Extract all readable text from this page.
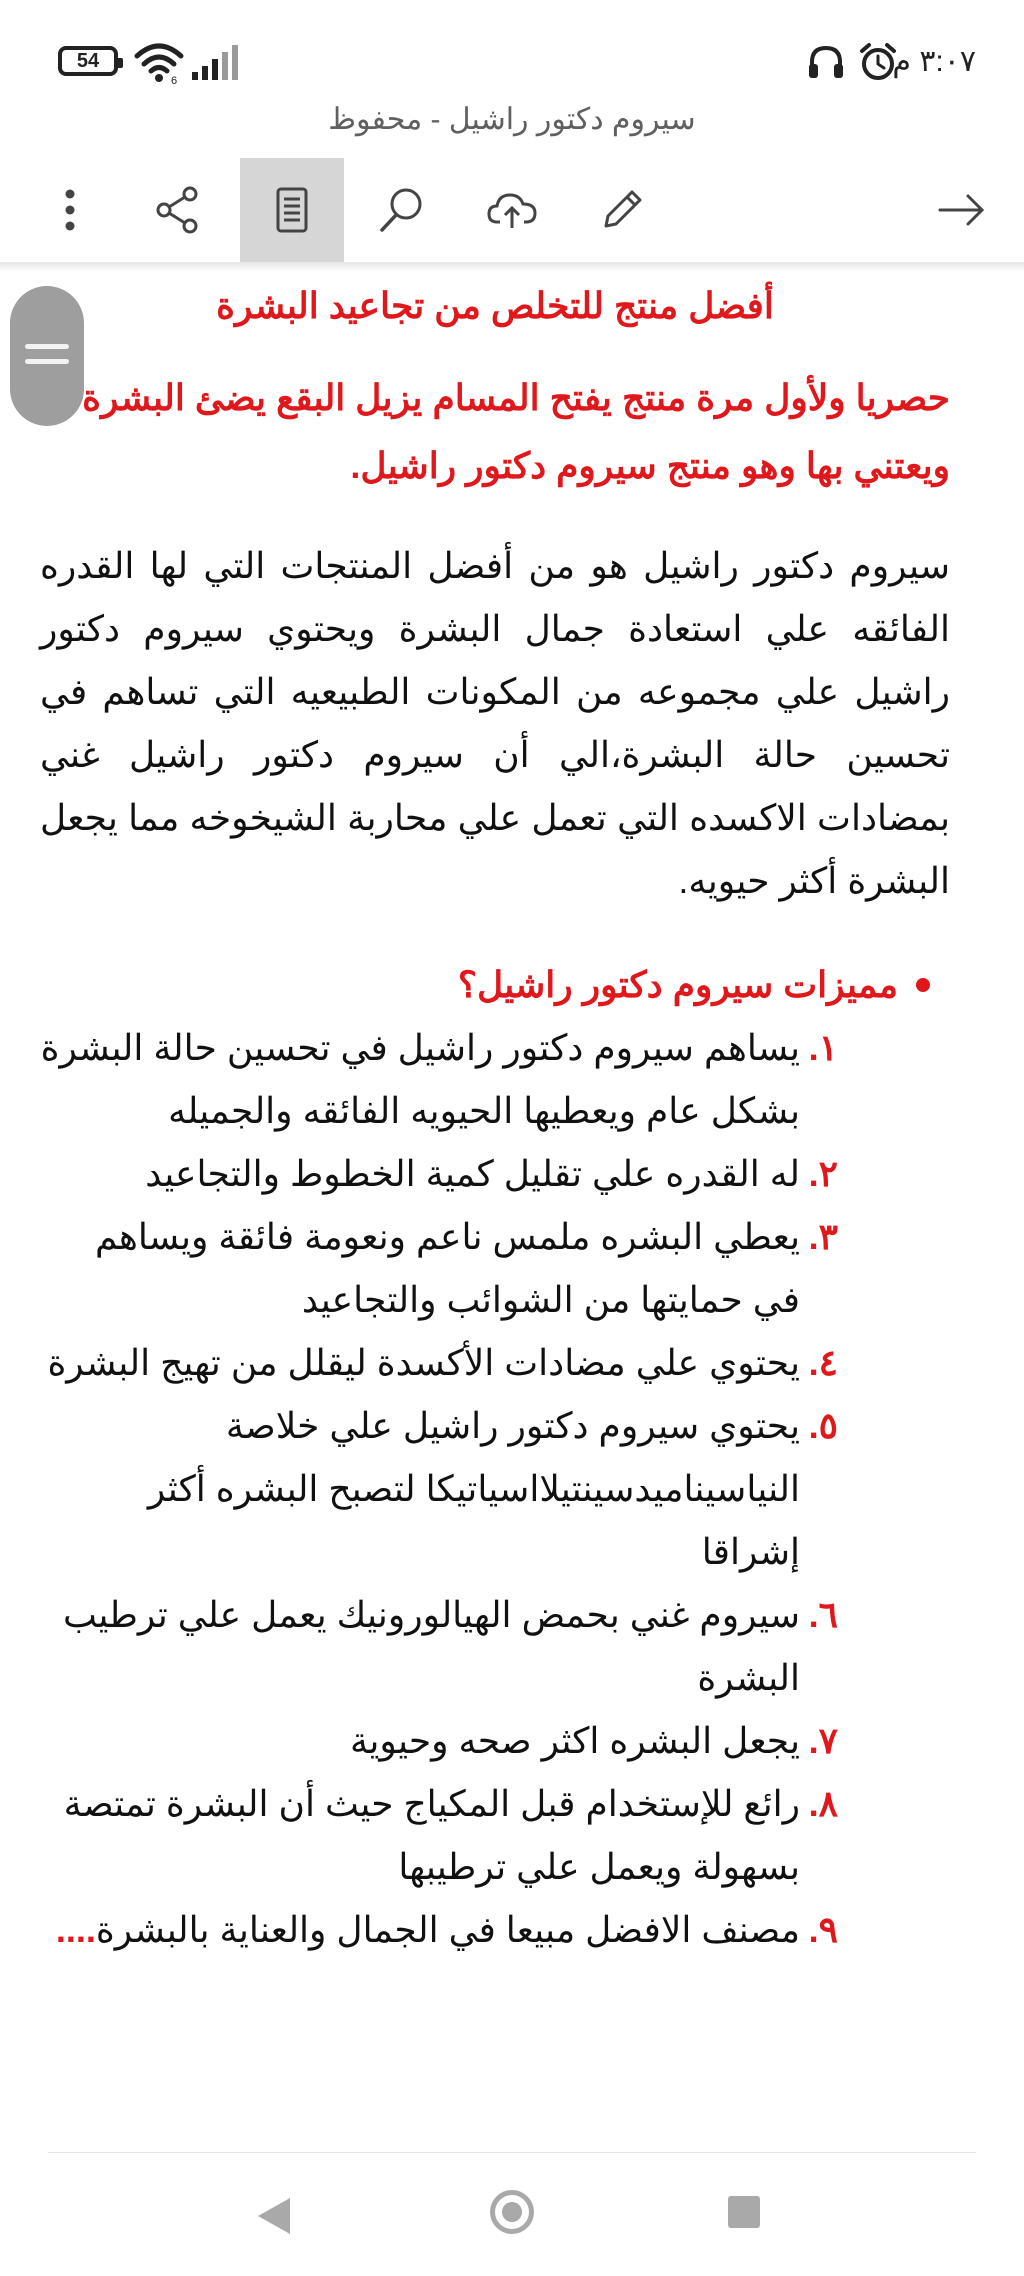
54
6
٣:٠٧ م
سيروم دكتور راشيل - محفوظ

أفضل منتج للتخلص من تجاعيد البشرة

حصريا ولأول مرة منتج يفتح المسام يزيل البقع يضئ البشرة ويعتني بها وهو منتج سيروم دكتور راشيل.

سيروم دكتور راشيل هو من أفضل المنتجات التي لها القدره الفائقه علي استعادة جمال البشرة ويحتوي سيروم دكتور راشيل علي مجموعه من المكونات الطبيعيه التي تساهم في تحسين حالة البشرة،الي أن سيروم دكتور راشيل غني بمضادات الاكسده التي تعمل علي محاربة الشيخوخه مما يجعل البشرة أكثر حيويه.

مميزات سيروم دكتور راشيل؟
١.
يساهم سيروم دكتور راشيل في تحسين حالة البشرة بشكل عام ويعطيها الحيويه الفائقه والجميله
٢.
له القدره علي تقليل كمية الخطوط والتجاعيد
٣.
يعطي البشره ملمس ناعم ونعومة فائقة ويساهم في حمايتها من الشوائب والتجاعيد
٤.
يحتوي علي مضادات الأكسدة ليقلل من تهيج البشرة
٥.
يحتوي سيروم دكتور راشيل علي خلاصة النياسيناميدسينتيلااسياتيكا لتصبح البشره أكثر إشراقا
٦.
سيروم غني بحمض الهيالورونيك يعمل علي ترطيب البشرة
٧.
يجعل البشره اكثر صحه وحيوية
٨.
رائع للإستخدام قبل المكياج حيث أن البشرة تمتصة بسهولة ويعمل علي ترطيبها
٩.
مصنف الافضل مبيعا في الجمال والعناية بالبشرة....
